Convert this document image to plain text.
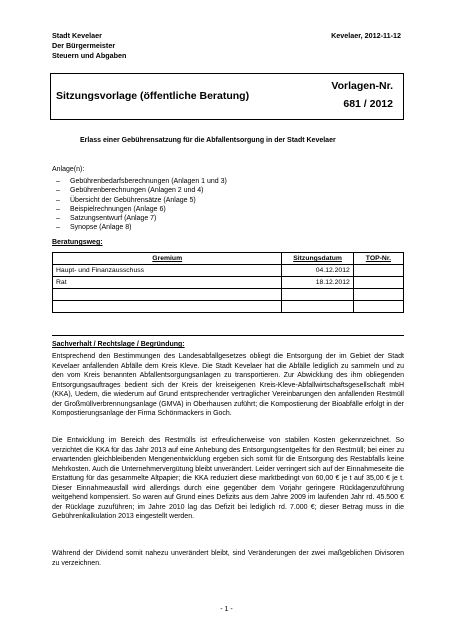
Stadt Kevelaer
Der Bürgermeister
Steuern und Abgaben
Kevelaer, 2012-11-12
Sitzungsvorlage (öffentliche Beratung)
Vorlagen-Nr.
681 / 2012
Erlass einer Gebührensatzung für die Abfallentsorgung in der Stadt Kevelaer
Anlage(n):
– Gebührenbedarfsberechnungen (Anlagen 1 und 3)
– Gebührenberechnungen (Anlagen 2 und 4)
– Übersicht der Gebührensätze (Anlage 5)
– Beispielrechnungen (Anlage 6)
– Satzungsentwurf (Anlage 7)
– Synopse (Anlage 8)
Beratungsweg:
Gremium	Sitzungsdatum	TOP-Nr.
Haupt- und Finanzausschuss	04.12.2012	
Rat	18.12.2012	

Sachverhalt / Rechtslage / Begründung:
Entsprechend den Bestimmungen des Landesabfallgesetzes obliegt die Entsorgung der im Gebiet der Stadt Kevelaer anfallenden Abfälle dem Kreis Kleve. Die Stadt Kevelaer hat die Abfälle lediglich zu sammeln und zu den vom Kreis benannten Abfallentsorgungsanlagen zu transportieren. Zur Abwicklung des ihm obliegenden Entsorgungsauftrages bedient sich der Kreis der kreiseigenen Kreis-Kleve-Abfallwirtschaftsgesellschaft mbH (KKA), Uedem, die wiederum auf Grund entsprechender vertraglicher Vereinbarungen den anfallenden Restmüll der Großmüllverbrennungsanlage (GMVA) in Oberhausen zuführt; die Kompostierung der Bioabfälle erfolgt in der Kompostierungsanlage der Firma Schönmackers in Goch.
Die Entwicklung im Bereich des Restmülls ist erfreulicherweise von stabilen Kosten gekennzeichnet. So verzichtet die KKA für das Jahr 2013 auf eine Anhebung des Entsorgungsentgeltes für den Restmüll; bei einer zu erwartenden gleichbleibenden Mengenentwicklung ergeben sich somit für die Entsorgung des Restabfalls keine Mehrkosten. Auch die Unternehmervergütung bleibt unverändert. Leider verringert sich auf der Einnahmeseite die Erstattung für das gesammelte Altpapier; die KKA reduziert diese marktbedingt von 60,00 € je t auf 35,00 € je t. Dieser Einnahmeausfall wird allerdings durch eine gegenüber dem Vorjahr geringere Rücklagenzuführung weitgehend kompensiert. So waren auf Grund eines Defizits aus dem Jahre 2009 im laufenden Jahr rd. 45.500 € der Rücklage zuzuführen; im Jahre 2010 lag das Defizit bei lediglich rd. 7.000 €; dieser Betrag muss in die Gebührenkalkulation 2013 eingestellt werden.
Während der Dividend somit nahezu unverändert bleibt, sind Veränderungen der zwei maßgeblichen Divisoren zu verzeichnen.
- 1 -
